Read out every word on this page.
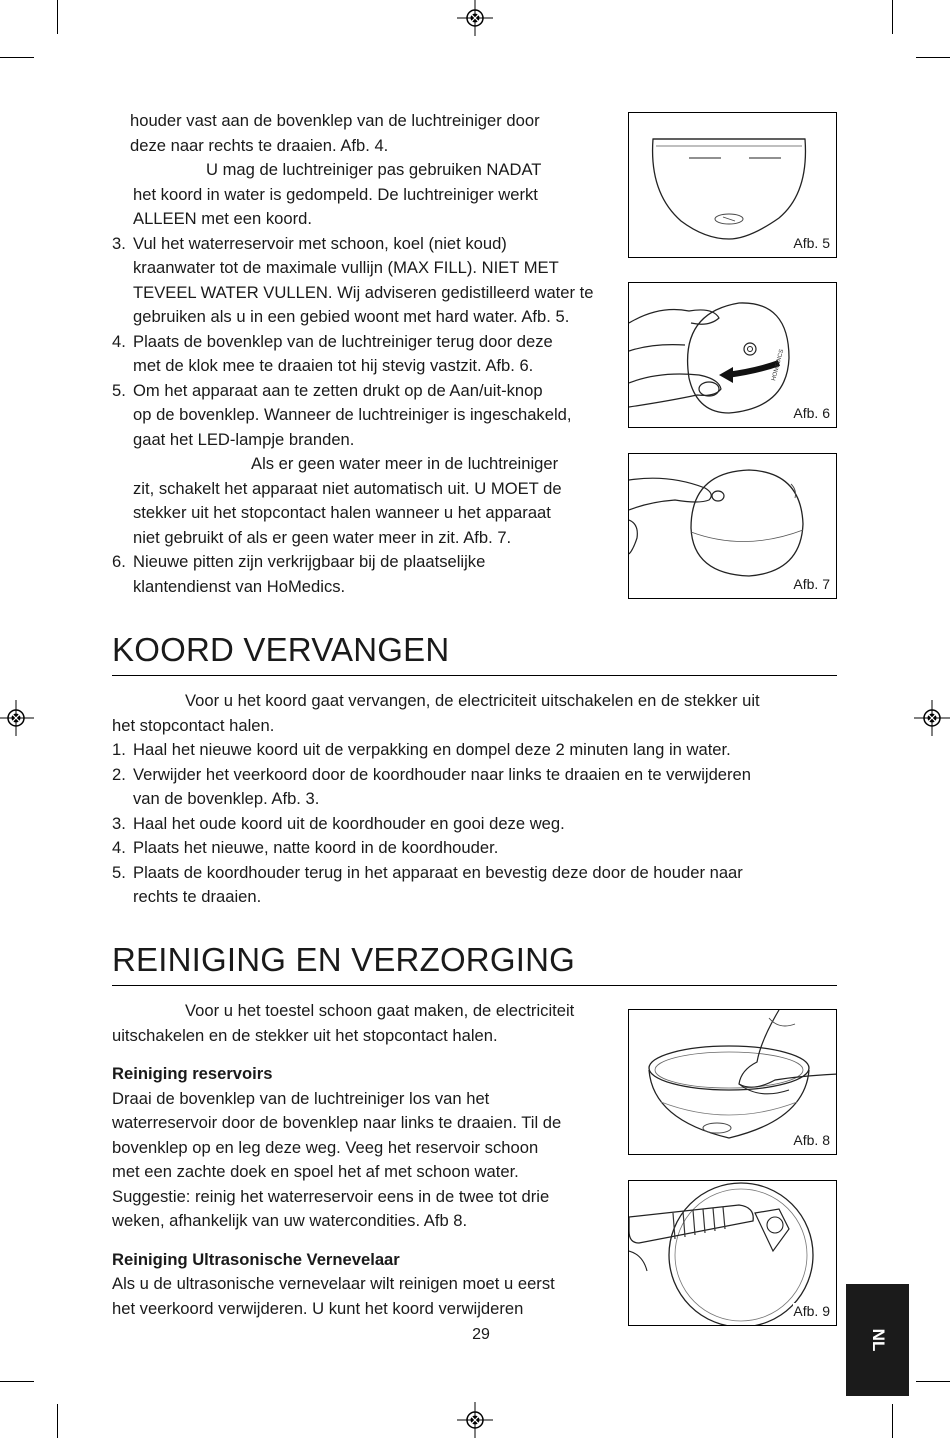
houder vast aan de bovenklep van de luchtreiniger door

deze naar rechts te draaien. Afb. 4.

U mag de luchtreiniger pas gebruiken NADAT

het koord in water is gedompeld. De luchtreiniger werkt

ALLEEN met een koord.

3. Vul het waterreservoir met schoon, koel (niet koud)

kraanwater tot de maximale vullijn (MAX FILL). NIET MET

TEVEEL WATER VULLEN. Wij adviseren gedistilleerd water te

gebruiken als u in een gebied woont met hard water. Afb. 5.

4. Plaats de bovenklep van de luchtreiniger terug door deze

met de klok mee te draaien tot hij stevig vastzit. Afb. 6.

5. Om het apparaat aan te zetten drukt op de Aan/uit-knop

op de bovenklep. Wanneer de luchtreiniger is ingeschakeld,

gaat het LED-lampje branden.

Als er geen water meer in de luchtreiniger

zit, schakelt het apparaat niet automatisch uit. U MOET de

stekker uit het stopcontact halen wanneer u het apparaat

niet gebruikt of als er geen water meer in zit. Afb. 7.

6. Nieuwe pitten zijn verkrijgbaar bij de plaatselijke

klantendienst van HoMedics.

Afb. 5
HOMEDICS
Afb. 6
Afb. 7
KOORD VERVANGEN

Voor u het koord gaat vervangen, de electriciteit uitschakelen en de stekker uit

het stopcontact halen.

1. Haal het nieuwe koord uit de verpakking en dompel deze 2 minuten lang in water.

2. Verwijder het veerkoord door de koordhouder naar links te draaien en te verwijderen

van de bovenklep. Afb. 3.

3. Haal het oude koord uit de koordhouder en gooi deze weg.

4. Plaats het nieuwe, natte koord in de koordhouder.

5. Plaats de koordhouder terug in het apparaat en bevestig deze door de houder naar

rechts te draaien.

REINIGING EN VERZORGING

Voor u het toestel schoon gaat maken, de electriciteit

uitschakelen en de stekker uit het stopcontact halen.

Reiniging reservoirs

Draai de bovenklep van de luchtreiniger los van het

waterreservoir door de bovenklep naar links te draaien. Til de

bovenklep op en leg deze weg. Veeg het reservoir schoon

met een zachte doek en spoel het af met schoon water.

Suggestie: reinig het waterreservoir eens in de twee tot drie

weken, afhankelijk van uw watercondities. Afb 8.

Reiniging Ultrasonische Vernevelaar

Als u de ultrasonische vernevelaar wilt reinigen moet u eerst

het veerkoord verwijderen. U kunt het koord verwijderen

Afb. 8
Afb. 9
29	NL
